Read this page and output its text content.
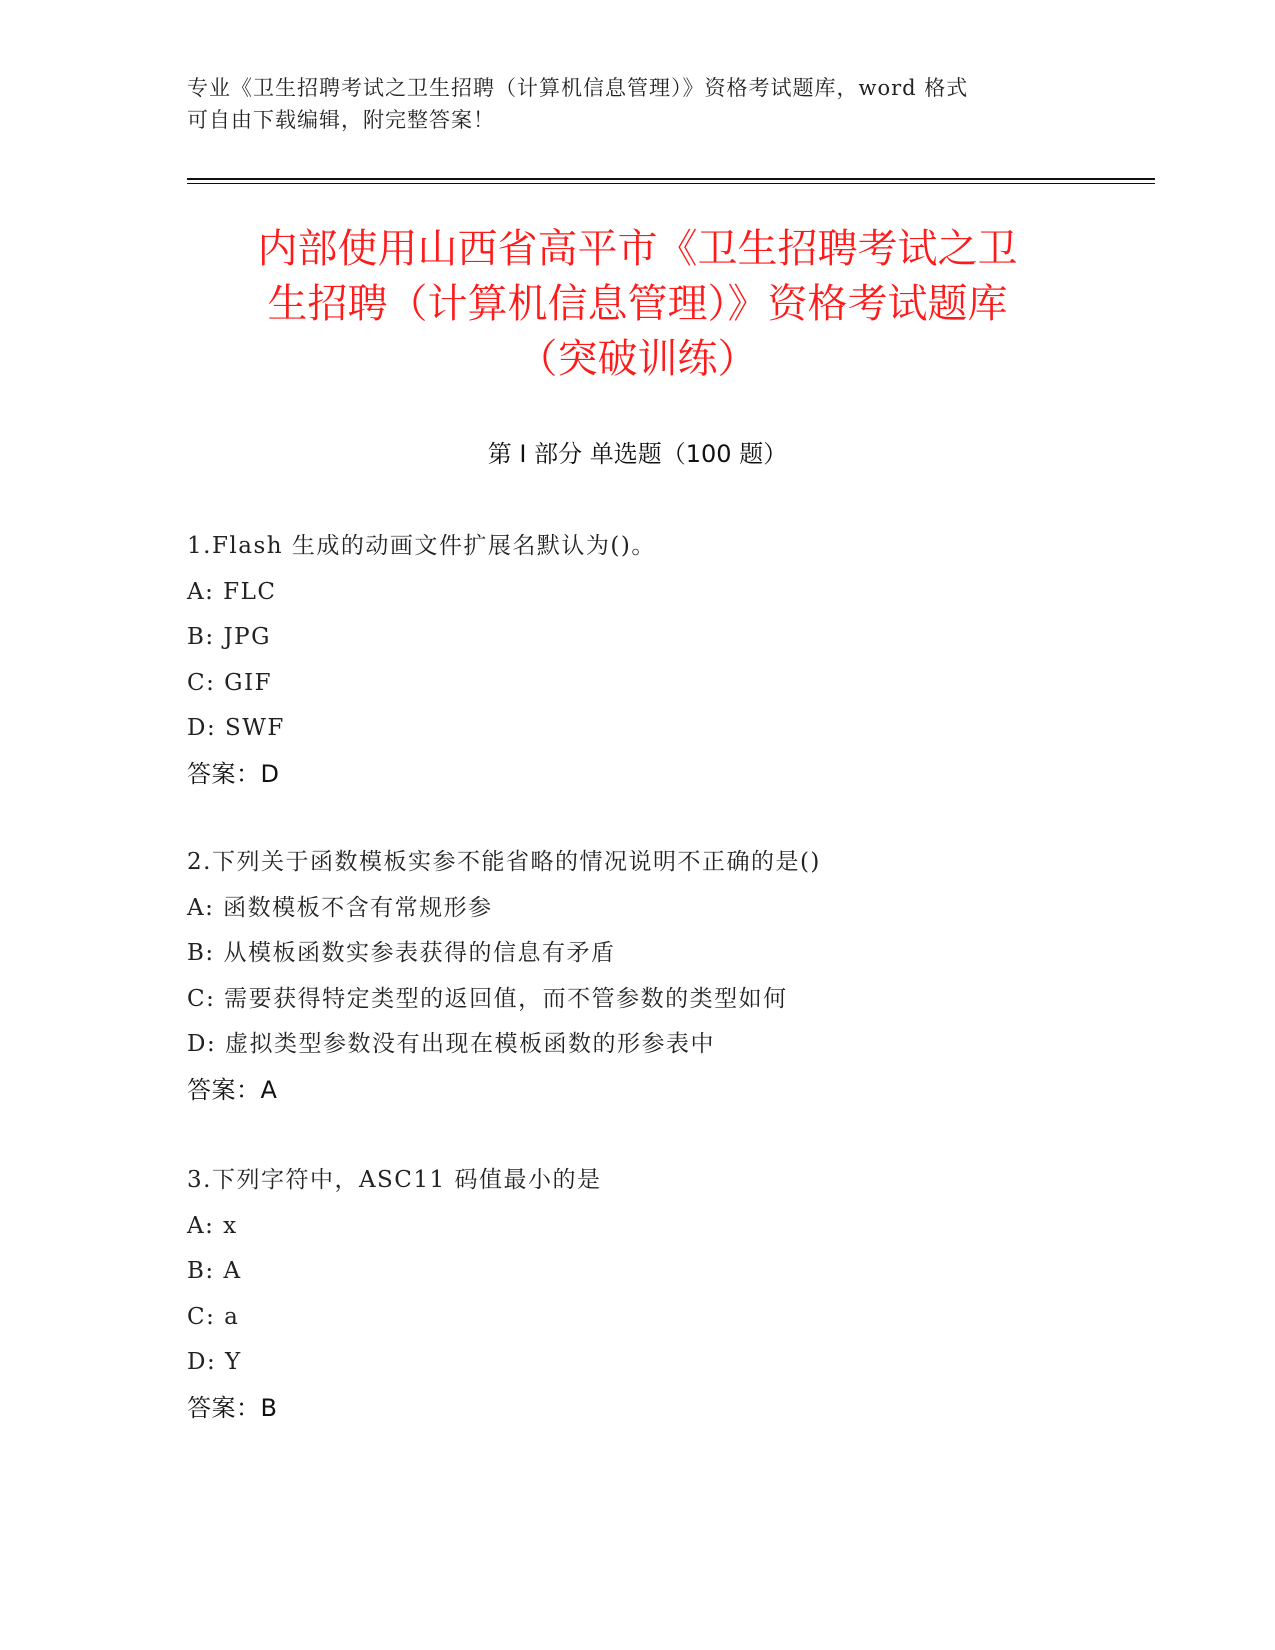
专业《卫生招聘考试之卫生招聘（计算机信息管理）》资格考试题库，word 格式

可自由下载编辑，附完整答案！

内部使用山西省高平市《卫生招聘考试之卫
生招聘（计算机信息管理）》资格考试题库
（突破训练）
第 I 部分 单选题（100 题）
1.Flash 生成的动画文件扩展名默认为()。
A: FLC
B: JPG
C: GIF
D: SWF
答案：D
2.下列关于函数模板实参不能省略的情况说明不正确的是()
A: 函数模板不含有常规形参
B: 从模板函数实参表获得的信息有矛盾
C: 需要获得特定类型的返回值，而不管参数的类型如何
D: 虚拟类型参数没有出现在模板函数的形参表中
答案：A
3.下列字符中，ASC11 码值最小的是
A: x
B: A
C: a
D: Y
答案：B
